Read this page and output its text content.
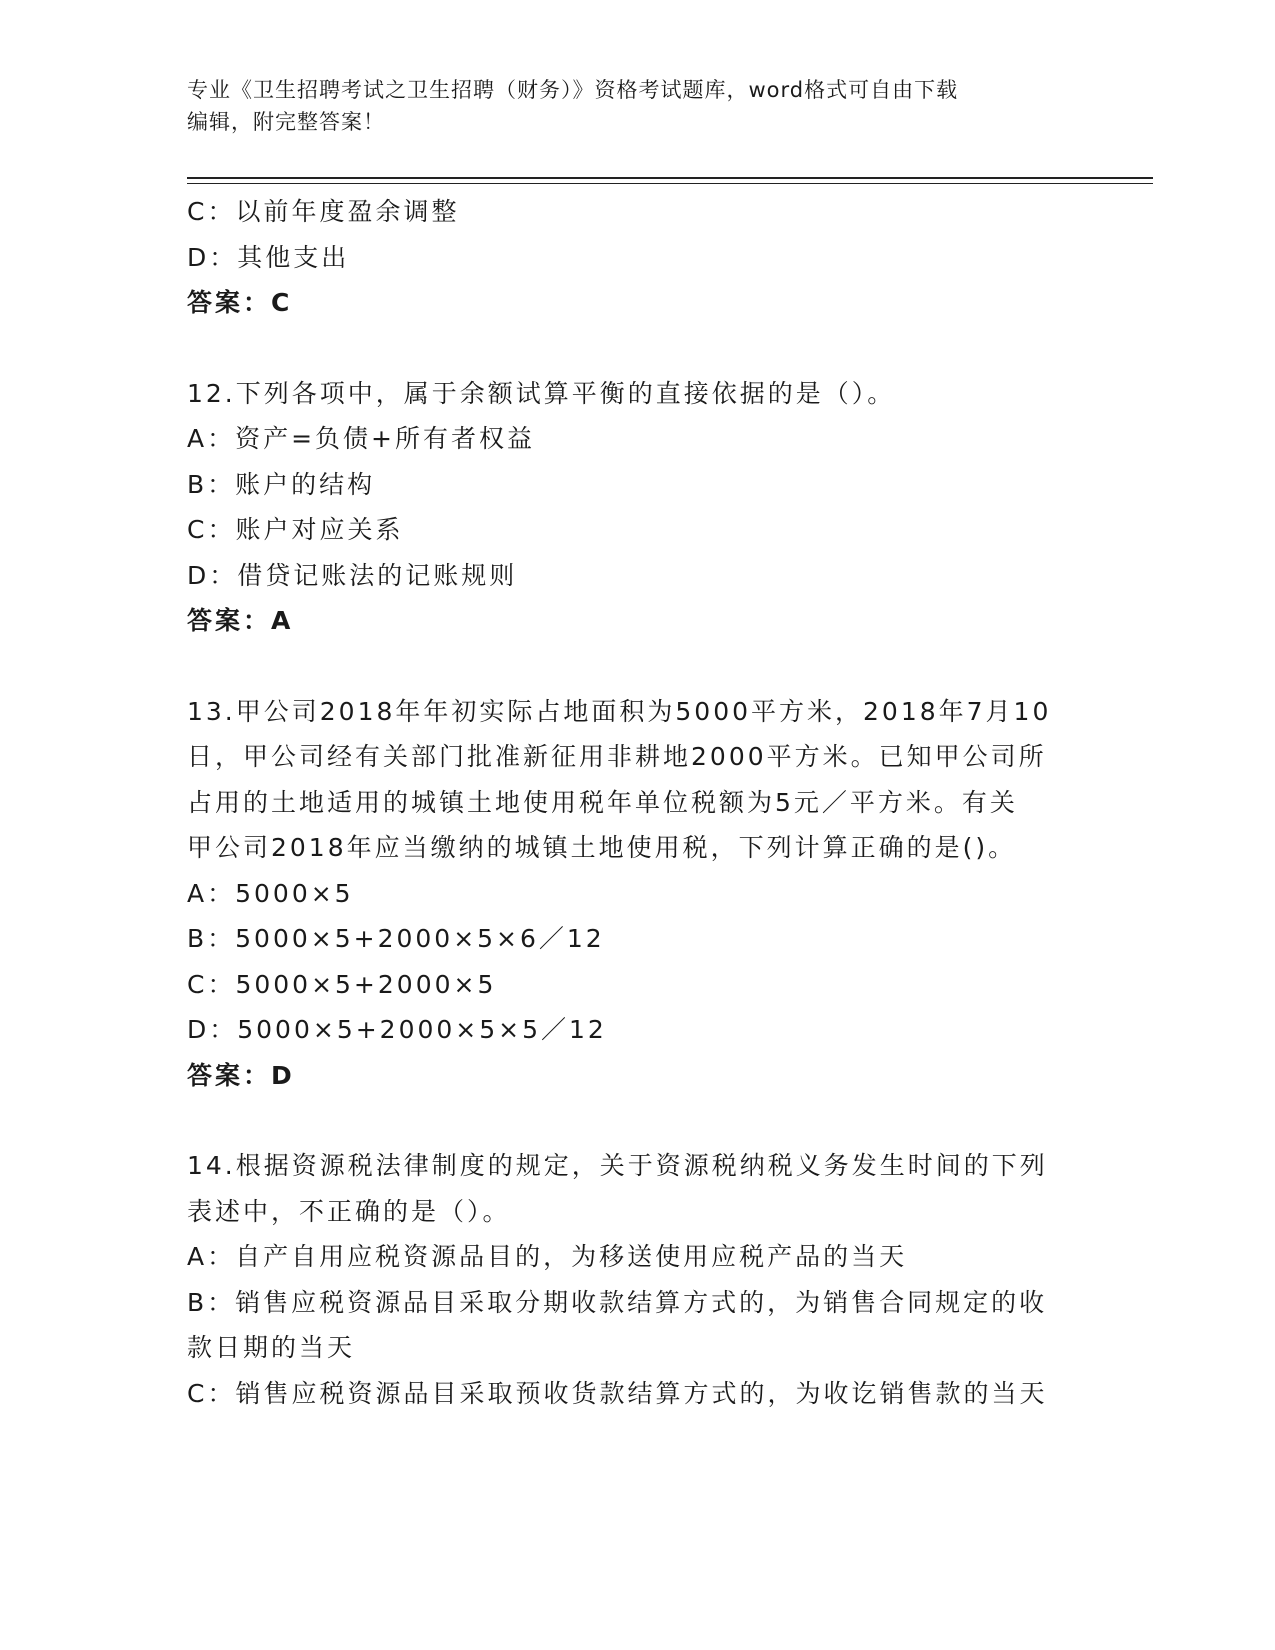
专业《卫生招聘考试之卫生招聘（财务）》资格考试题库，word格式可自由下载
编辑，附完整答案！
C：以前年度盈余调整
D：其他支出
答案：C
12.下列各项中，属于余额试算平衡的直接依据的是（）。
A：资产=负债+所有者权益
B：账户的结构
C：账户对应关系
D：借贷记账法的记账规则
答案：A
13.甲公司2018年年初实际占地面积为5000平方米，2018年7月10
日，甲公司经有关部门批准新征用非耕地2000平方米。已知甲公司所
占用的土地适用的城镇土地使用税年单位税额为5元／平方米。有关
甲公司2018年应当缴纳的城镇土地使用税，下列计算正确的是()。
A：5000×5
B：5000×5+2000×5×6／12
C：5000×5+2000×5
D：5000×5+2000×5×5／12
答案：D
14.根据资源税法律制度的规定，关于资源税纳税义务发生时间的下列
表述中，不正确的是（）。
A：自产自用应税资源品目的，为移送使用应税产品的当天
B：销售应税资源品目采取分期收款结算方式的，为销售合同规定的收
款日期的当天
C：销售应税资源品目采取预收货款结算方式的，为收讫销售款的当天
